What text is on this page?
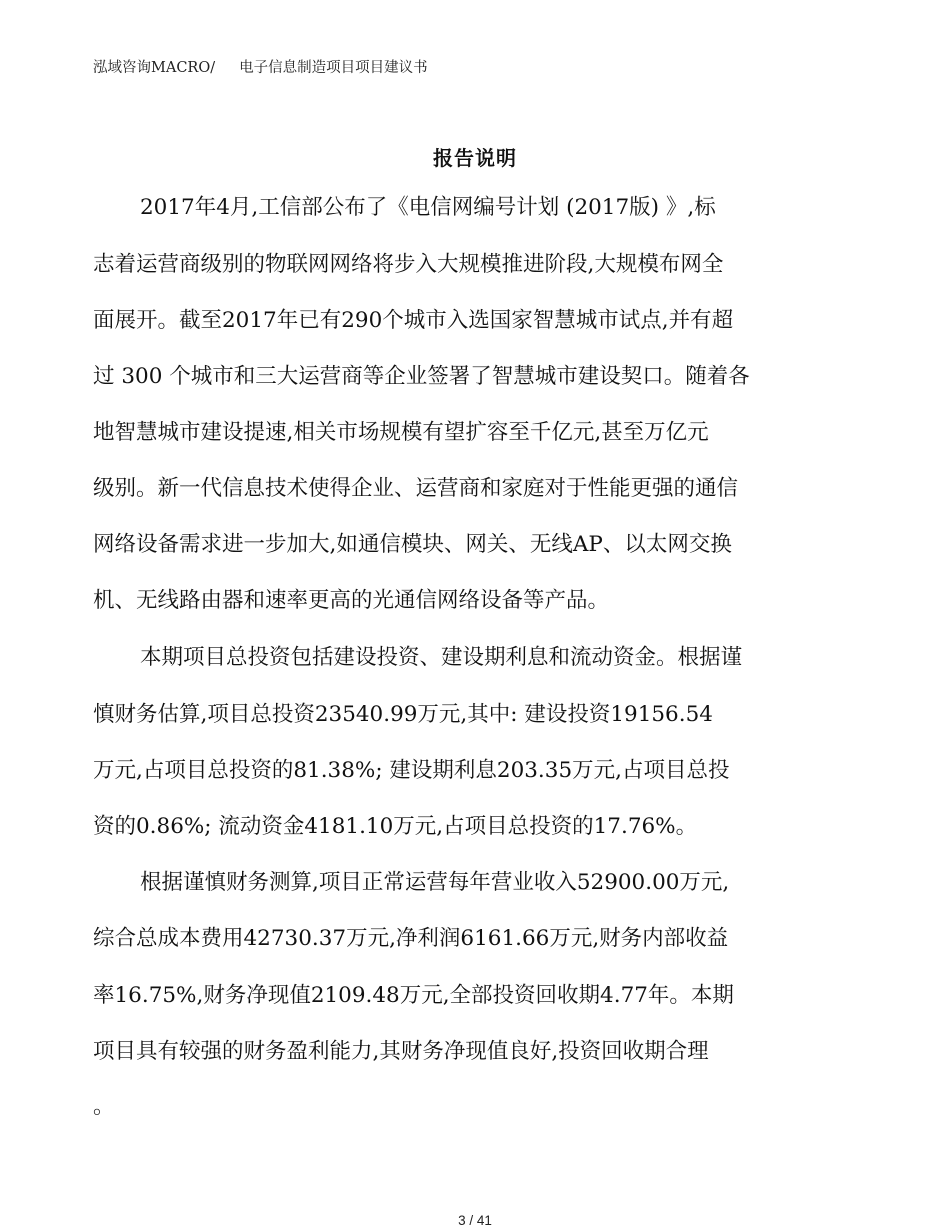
泓域咨询MACRO/ 电子信息制造项目项目建议书
报告说明
2017年4月,工信部公布了《电信网编号计划 (2017版) 》,标
志着运营商级别的物联网网络将步入大规模推进阶段,大规模布网全
面展开。截至2017年已有290个城市入选国家智慧城市试点,并有超
过 300 个城市和三大运营商等企业签署了智慧城市建设契口。随着各
地智慧城市建设提速,相关市场规模有望扩容至千亿元,甚至万亿元
级别。新一代信息技术使得企业、运营商和家庭对于性能更强的通信
网络设备需求进一步加大,如通信模块、网关、无线AP、以太网交换
机、无线路由器和速率更高的光通信网络设备等产品。
本期项目总投资包括建设投资、建设期利息和流动资金。根据谨
慎财务估算,项目总投资23540.99万元,其中: 建设投资19156.54
万元,占项目总投资的81.38%; 建设期利息203.35万元,占项目总投
资的0.86%; 流动资金4181.10万元,占项目总投资的17.76%。
根据谨慎财务测算,项目正常运营每年营业收入52900.00万元,
综合总成本费用42730.37万元,净利润6161.66万元,财务内部收益
率16.75%,财务净现值2109.48万元,全部投资回收期4.77年。本期
项目具有较强的财务盈利能力,其财务净现值良好,投资回收期合理
。
3 / 41
